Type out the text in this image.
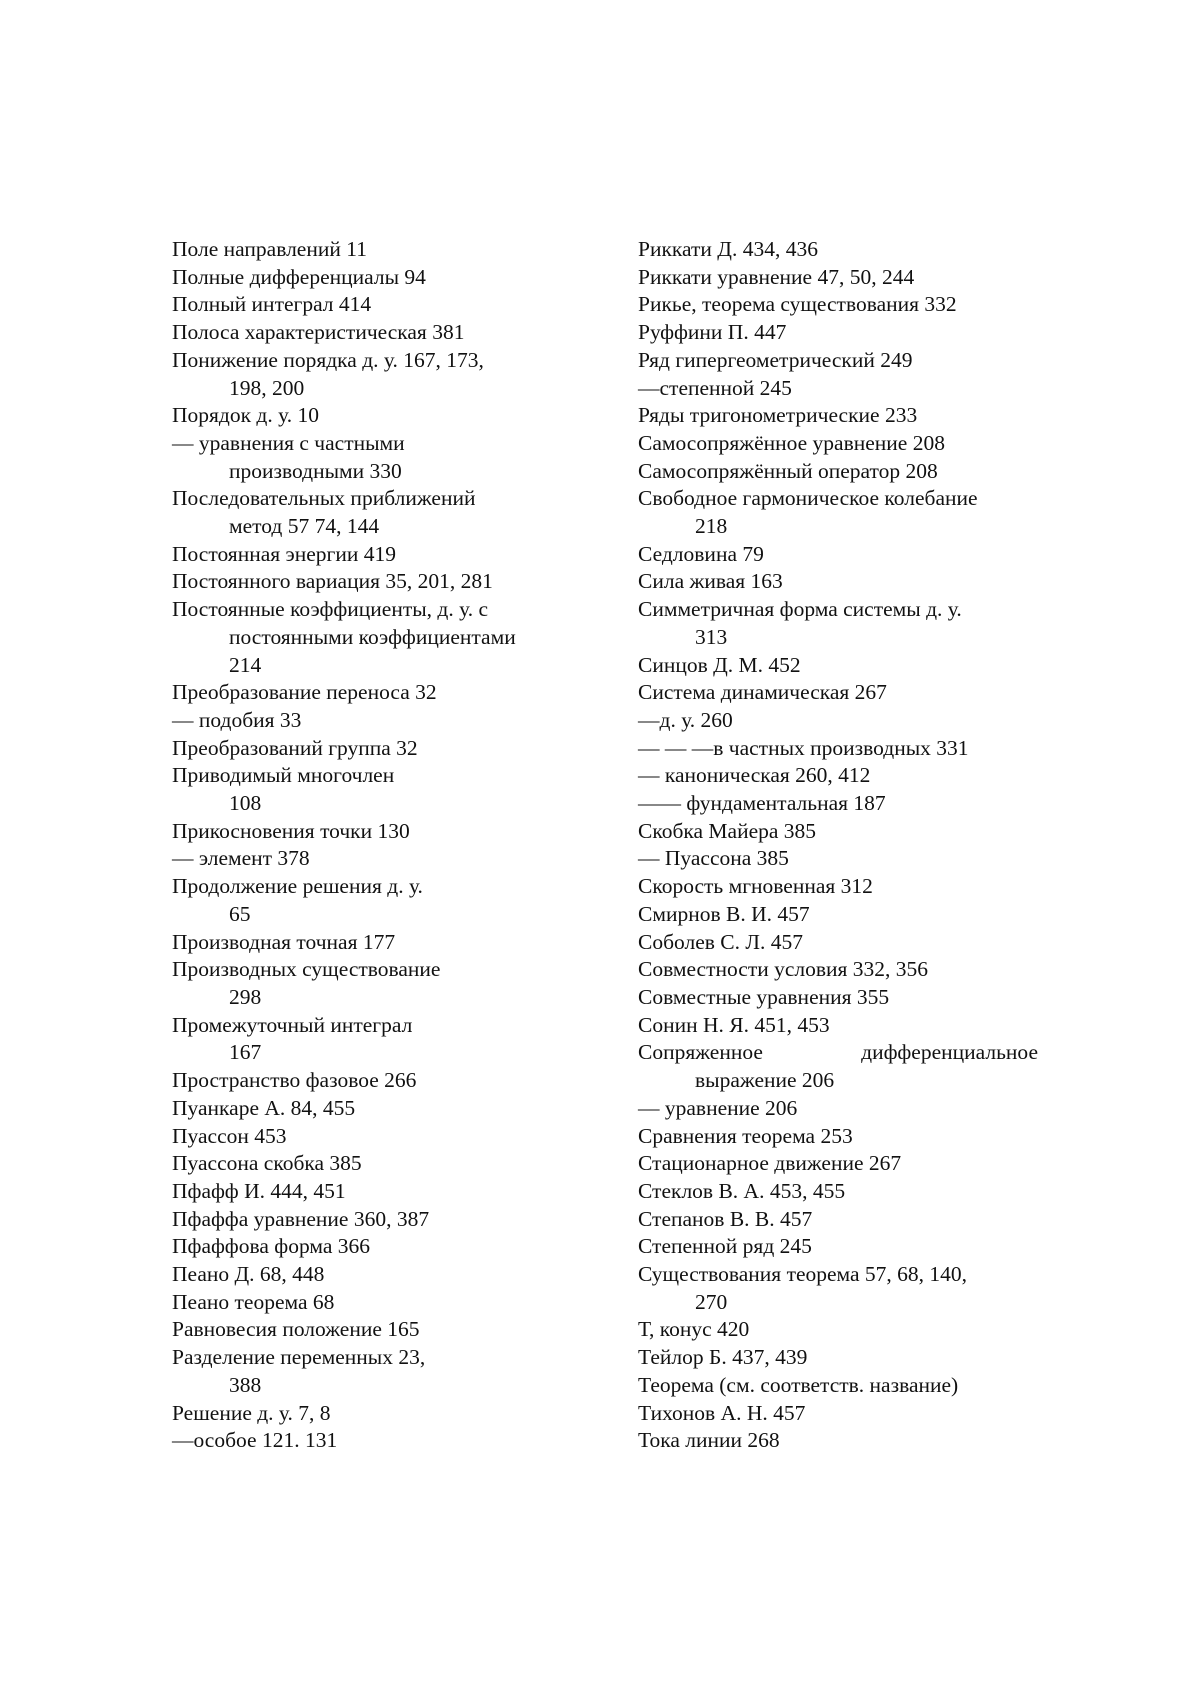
Поле направлений 11
Полные дифференциалы 94
Полный интеграл 414
Полоса характеристическая 381
Понижение порядка д. у. 167, 173,
198, 200
Порядок д. у. 10
— уравнения с частными
производными 330
Последовательных приближений
метод 57 74, 144
Постоянная энергии 419
Постоянного вариация 35, 201, 281
Постоянные коэффициенты, д. у. с
постоянными коэффициентами
214
Преобразование переноса 32
— подобия 33
Преобразований группа 32
Приводимый многочлен
108
Прикосновения точки 130
— элемент 378
Продолжение решения д. у.
65
Производная точная 177
Производных существование
298
Промежуточный интеграл
167
Пространство фазовое 266
Пуанкаре А. 84, 455
Пуассон 453
Пуассона скобка 385
Пфафф И. 444, 451
Пфаффа уравнение 360, 387
Пфаффова форма 366
Пеано Д. 68, 448
Пеано теорема 68
Равновесия положение 165
Разделение переменных 23,
388
Решение д. у. 7, 8
—особое 121. 131
Риккати Д. 434, 436
Риккати уравнение 47, 50, 244
Рикье, теорема существования 332
Руффини П. 447
Ряд гипергеометрический 249
—степенной 245
Ряды тригонометрические 233
Самосопряжённое уравнение 208
Самосопряжённый оператор 208
Свободное гармоническое колебание
218
Седловина 79
Сила живая 163
Симметричная форма системы д. у.
313
Синцов Д. М. 452
Система динамическая 267
—д. у. 260
— — —в частных производных 331
— каноническая 260, 412
—— фундаментальная 187
Скобка Майера 385
— Пуассона 385
Скорость мгновенная 312
Смирнов В. И. 457
Соболев С. Л. 457
Совместности условия 332, 356
Совместные уравнения 355
Сонин Н. Я. 451, 453
Сопряженное	дифференциальное
выражение 206
— уравнение 206
Сравнения теорема 253
Стационарное движение 267
Стеклов В. А. 453, 455
Степанов В. В. 457
Степенной ряд 245
Существования теорема 57, 68, 140,
270
Т, конус 420
Тейлор Б. 437, 439
Теорема (см. соответств. название)
Тихонов А. Н. 457
Тока линии 268
